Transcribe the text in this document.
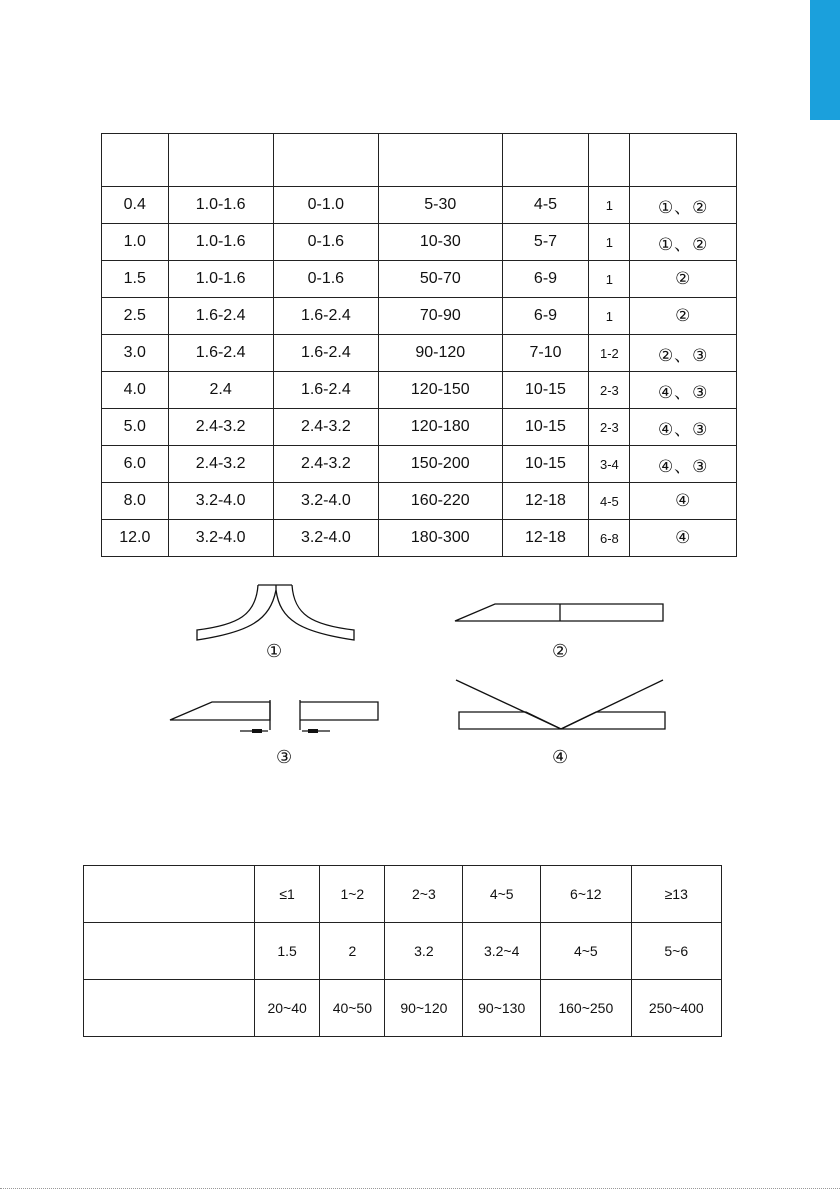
0.4	1.0-1.6	0-1.0	5-30	4-5	1	①、②
1.0	1.0-1.6	0-1.6	10-30	5-7	1	①、②
1.5	1.0-1.6	0-1.6	50-70	6-9	1	②
2.5	1.6-2.4	1.6-2.4	70-90	6-9	1	②
3.0	1.6-2.4	1.6-2.4	90-120	7-10	1-2	②、③
4.0	2.4	1.6-2.4	120-150	10-15	2-3	④、③
5.0	2.4-3.2	2.4-3.2	120-180	10-15	2-3	④、③
6.0	2.4-3.2	2.4-3.2	150-200	10-15	3-4	④、③
8.0	3.2-4.0	3.2-4.0	160-220	12-18	4-5	④
12.0	3.2-4.0	3.2-4.0	180-300	12-18	6-8	④
①	②
③	④
	≤1	1~2	2~3	4~5	6~12	≥13
	1.5	2	3.2	3.2~4	4~5	5~6
	20~40	40~50	90~120	90~130	160~250	250~400
